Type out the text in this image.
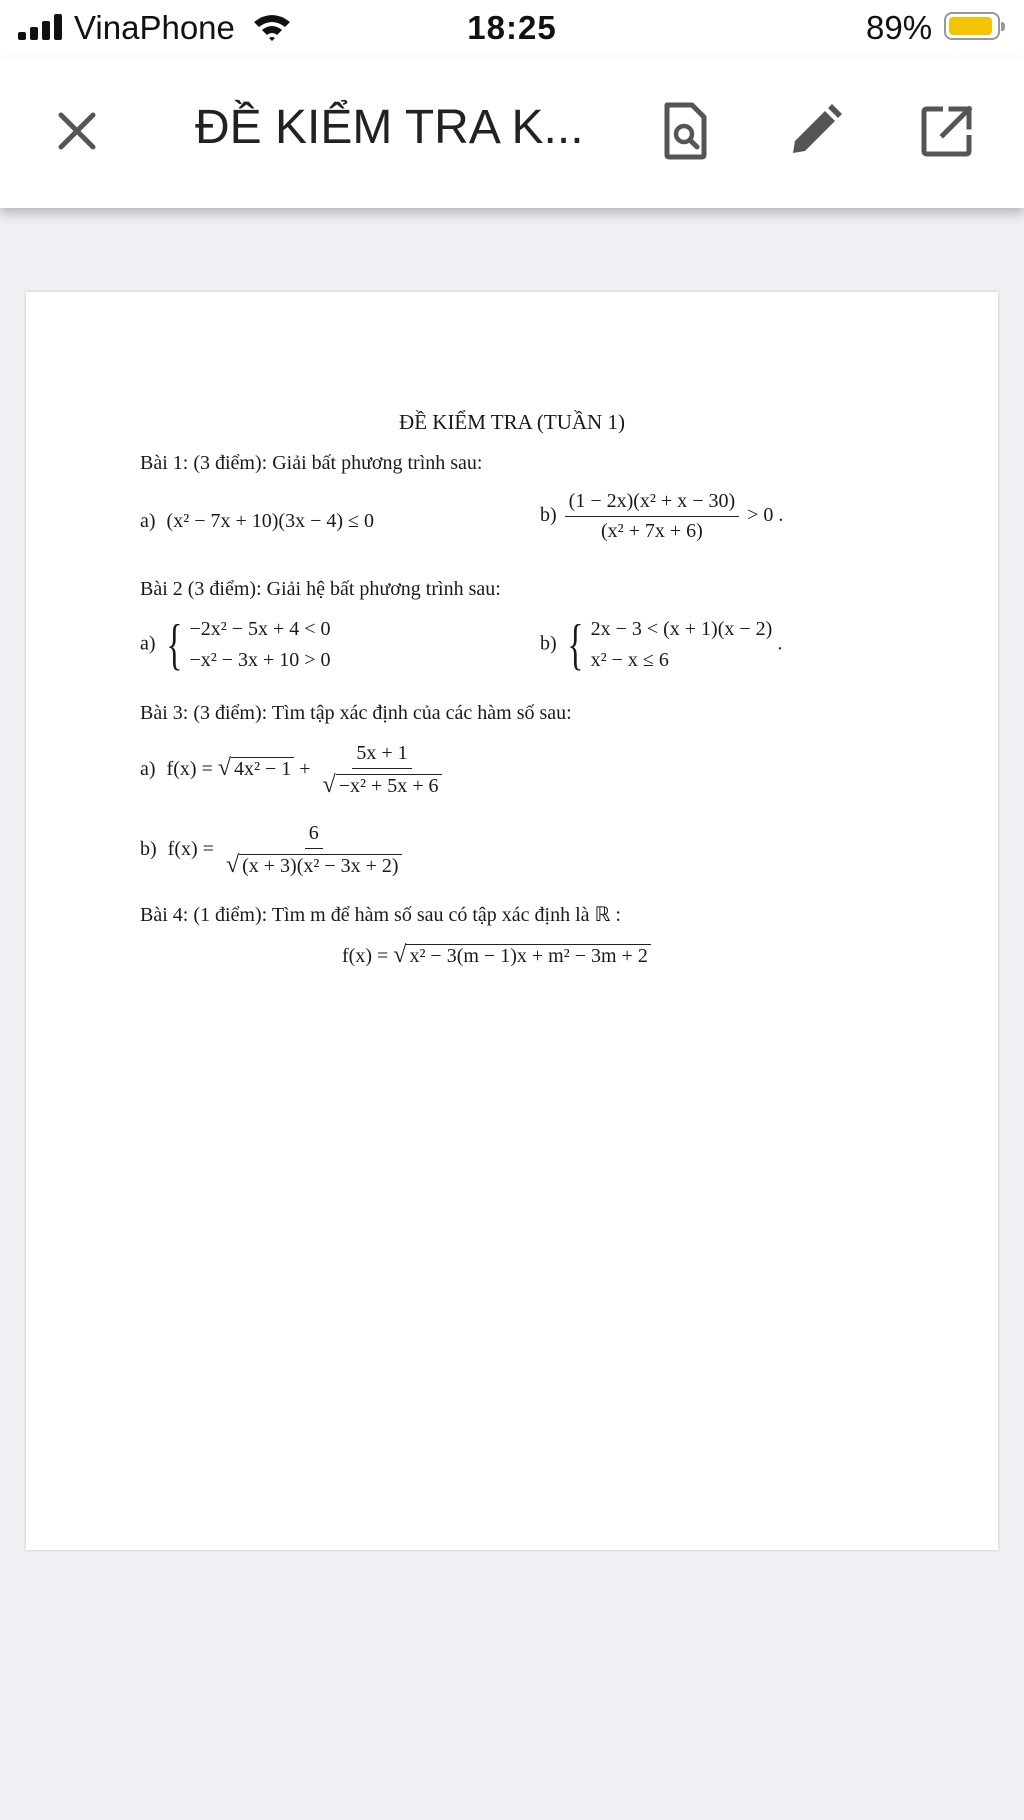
VinaPhone	18:25	89%
ĐỀ KIỂM TRA K...
ĐỀ KIỂM TRA (TUẦN 1)
Bài 1: (3 điểm): Giải bất phương trình sau:
a) (x² − 7x + 10)(3x − 4) ≤ 0	$b) \frac{\text{(1 − 2x)(x² + x − 30)}}{\text{(x² + 7x + 6)}} > 0$ .
Bài 2 (3 điểm): Giải hệ bất phương trình sau:
a) { −2x² − 5x + 4 < 0
−x² − 3x + 10 > 0
b) { 2x − 3 < (x + 1)(x − 2)
x² − x ≤ 6
.
Bài 3: (3 điểm): Tìm tập xác định của các hàm số sau:
a) f(x) = √ $4x^2 - 1 + \frac{5x + 1}{\text{√ −x² + 5x + 6}}$
b) $f(x) = \frac{6}{\text{√ (x + 3)(x² − 3x + 2)}}$
Bài 4: (1 điểm): Tìm m để hàm số sau có tập xác định là ℝ :
f(x) = √ x² − 3(m − 1)x + m² − 3m + 2
